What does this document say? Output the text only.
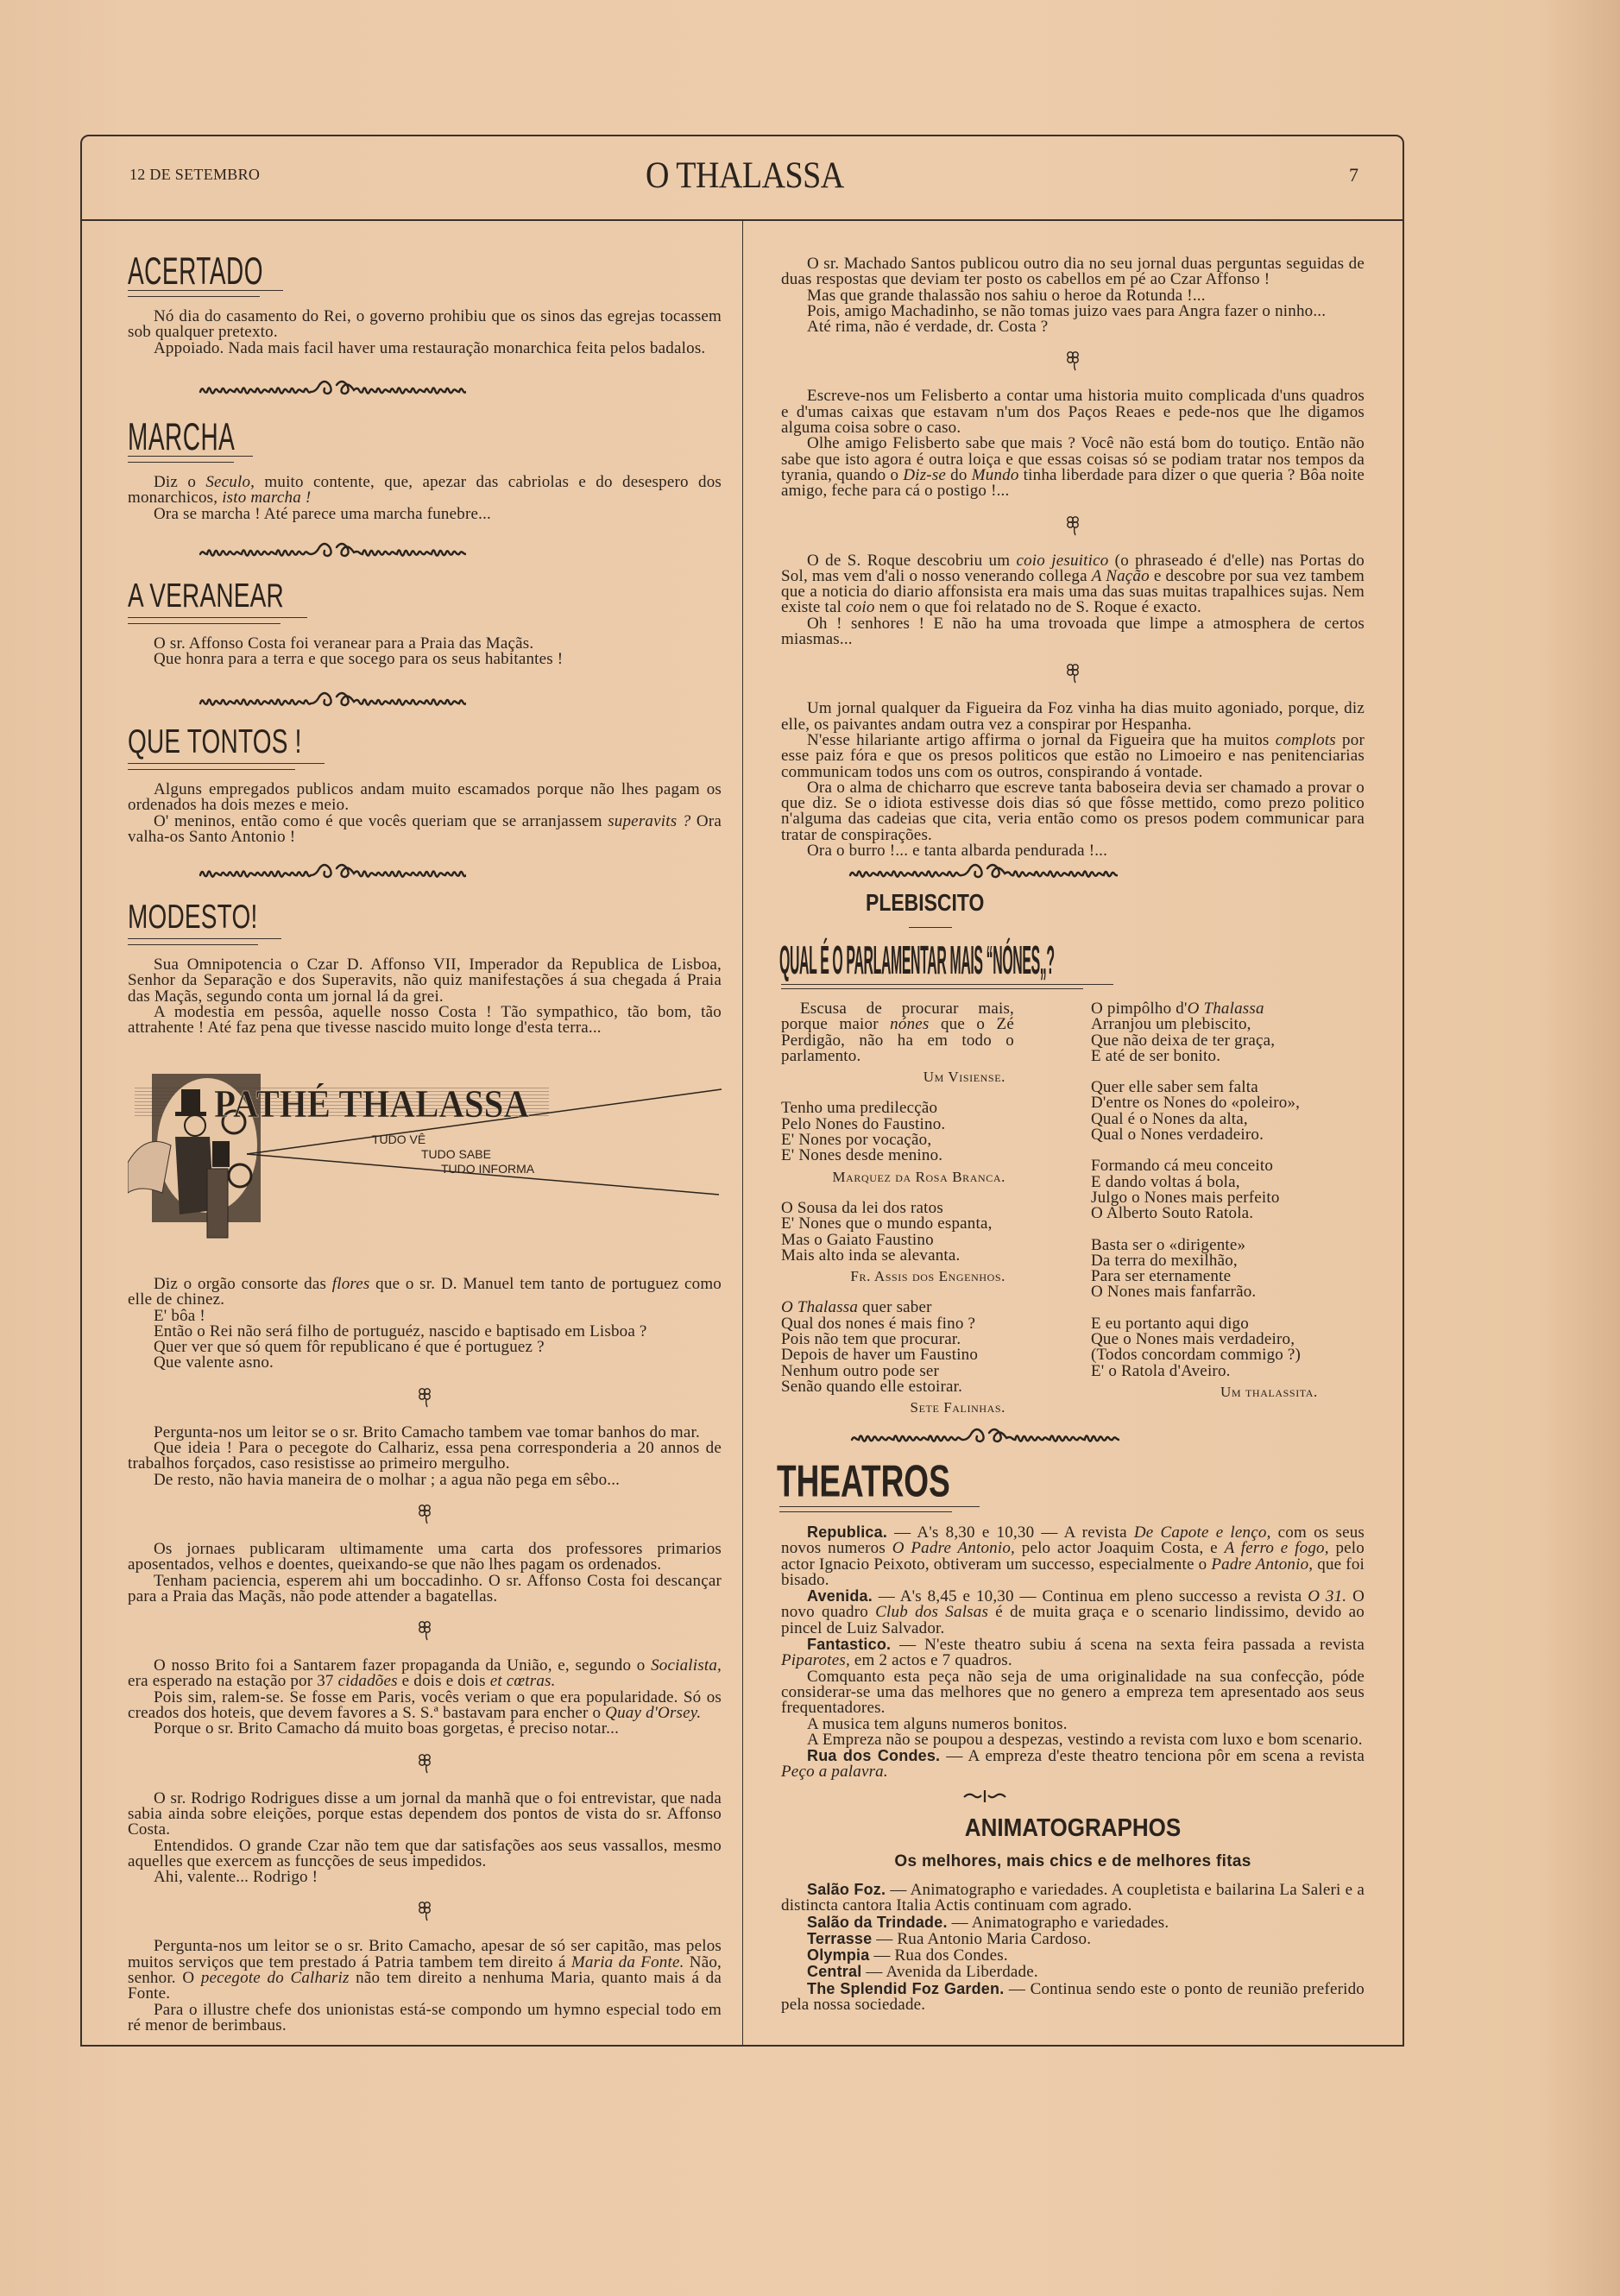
12 DE SETEMBRO	O THALASSA	7
ACERTADO

Nó dia do casamento do Rei, o governo prohibiu que os sinos das egrejas tocassem sob qualquer pretexto.

Appoiado. Nada mais facil haver uma restauração monarchica feita pelos badalos.

MARCHA

Diz o Seculo, muito contente, que, apezar das cabriolas e do desespero dos monarchicos, isto marcha !

Ora se marcha ! Até parece uma marcha funebre...

A VERANEAR

O sr. Affonso Costa foi veranear para a Praia das Maçãs.

Que honra para a terra e que socego para os seus habitantes !

QUE TONTOS !

Alguns empregados publicos andam muito escamados porque não lhes pagam os ordenados ha dois mezes e meio.

O' meninos, então como é que vocês queriam que se arranjassem superavits ? Ora valha-os Santo Antonio !

MODESTO!

Sua Omnipotencia o Czar D. Affonso VII, Imperador da Republica de Lisboa, Senhor da Separação e dos Superavits, não quiz manifestações á sua chegada á Praia das Maçãs, segundo conta um jornal lá da grei.

A modestia em pessôa, aquelle nosso Costa ! Tão sympathico, tão bom, tão attrahente ! Até faz pena que tivesse nascido muito longe d'esta terra...

PATHÉ THALASSA
TUDO VÊ
TUDO SABE
TUDO INFORMA

Diz o orgão consorte das flores que o sr. D. Manuel tem tanto de portuguez como elle de chinez.

E' bôa !

Então o Rei não será filho de portuguéz, nascido e baptisado em Lisboa ?

Quer ver que só quem fôr republicano é que é portuguez ?

Que valente asno.

Pergunta-nos um leitor se o sr. Brito Camacho tambem vae tomar banhos do mar.

Que ideia ! Para o pecegote do Calhariz, essa pena corresponderia a 20 annos de trabalhos forçados, caso resistisse ao primeiro mergulho.

De resto, não havia maneira de o molhar ; a agua não pega em sêbo...

Os jornaes publicaram ultimamente uma carta dos professores primarios aposentados, velhos e doentes, queixando-se que não lhes pagam os ordenados.

Tenham paciencia, esperem ahi um boccadinho. O sr. Affonso Costa foi descançar para a Praia das Maçãs, não pode attender a bagatellas.

O nosso Brito foi a Santarem fazer propaganda da União, e, segundo o Socialista, era esperado na estação por 37 cidadões e dois e dois et cœtras.

Pois sim, ralem-se. Se fosse em Paris, vocês veriam o que era popularidade. Só os creados dos hoteis, que devem favores a S. S.ª bastavam para encher o Quay d'Orsey.

Porque o sr. Brito Camacho dá muito boas gorgetas, é preciso notar...

O sr. Rodrigo Rodrigues disse a um jornal da manhã que o foi entrevistar, que nada sabia ainda sobre eleições, porque estas dependem dos pontos de vista do sr. Affonso Costa.

Entendidos. O grande Czar não tem que dar satisfações aos seus vassallos, mesmo aquelles que exercem as funcções de seus impedidos.

Ahi, valente... Rodrigo !

Pergunta-nos um leitor se o sr. Brito Camacho, apesar de só ser capitão, mas pelos muitos serviços que tem prestado á Patria tambem tem direito á Maria da Fonte. Não, senhor. O pecegote do Calhariz não tem direito a nenhuma Maria, quanto mais á da Fonte.

Para o illustre chefe dos unionistas está-se compondo um hymno especial todo em ré menor de berimbaus.

O sr. Machado Santos publicou outro dia no seu jornal duas perguntas seguidas de duas respostas que deviam ter posto os cabellos em pé ao Czar Affonso !

Mas que grande thalassão nos sahiu o heroe da Rotunda !...

Pois, amigo Machadinho, se não tomas juizo vaes para Angra fazer o ninho...

Até rima, não é verdade, dr. Costa ?

Escreve-nos um Felisberto a contar uma historia muito complicada d'uns quadros e d'umas caixas que estavam n'um dos Paços Reaes e pede-nos que lhe digamos alguma coisa sobre o caso.

Olhe amigo Felisberto sabe que mais ? Você não está bom do toutiço. Então não sabe que isto agora é outra loiça e que essas coisas só se podiam tratar nos tempos da tyrania, quando o Diz-se do Mundo tinha liberdade para dizer o que queria ? Bôa noite amigo, feche para cá o postigo !...

O de S. Roque descobriu um coio jesuitico (o phraseado é d'elle) nas Portas do Sol, mas vem d'ali o nosso venerando collega A Nação e descobre por sua vez tambem que a noticia do diario affonsista era mais uma das suas muitas trapalhices sujas. Nem existe tal coio nem o que foi relatado no de S. Roque é exacto.

Oh ! senhores ! E não ha uma trovoada que limpe a atmosphera de certos miasmas...

Um jornal qualquer da Figueira da Foz vinha ha dias muito agoniado, porque, diz elle, os paivantes andam outra vez a conspirar por Hespanha.

N'esse hilariante artigo affirma o jornal da Figueira que ha muitos complots por esse paiz fóra e que os presos politicos que estão no Limoeiro e nas penitenciarias communicam todos uns com os outros, conspirando á vontade.

Ora o alma de chicharro que escreve tanta baboseira devia ser chamado a provar o que diz. Se o idiota estivesse dois dias só que fôsse mettido, como prezo politico n'alguma das cadeias que cita, veria então como os presos podem communicar para tratar de conspirações.

Ora o burro !... e tanta albarda pendurada !...

PLEBISCITO
QUAL É O PARLAMENTAR MAIS “NÓNES„?

Escusa de procurar mais, porque maior nónes que o Zé Perdigão, não ha em todo o parlamento.

Um Visiense.
Tenho uma predilecção
Pelo Nones do Faustino.
E' Nones por vocação,
E' Nones desde menino.
Marquez da Rosa Branca.
O Sousa da lei dos ratos
E' Nones que o mundo espanta,
Mas o Gaiato Faustino
Mais alto inda se alevanta.
Fr. Assis dos Engenhos.
O Thalassa quer saber
Qual dos nones é mais fino ?
Pois não tem que procurar.
Depois de haver um Faustino
Nenhum outro pode ser
Senão quando elle estoirar.
Sete Falinhas.
O pimpôlho d'O Thalassa
Arranjou um plebiscito,
Que não deixa de ter graça,
E até de ser bonito.
Quer elle saber sem falta
D'entre os Nones do «poleiro»,
Qual é o Nones da alta,
Qual o Nones verdadeiro.
Formando cá meu conceito
E dando voltas á bola,
Julgo o Nones mais perfeito
O Alberto Souto Ratola.
Basta ser o «dirigente»
Da terra do mexilhão,
Para ser eternamente
O Nones mais fanfarrão.
E eu portanto aqui digo
Que o Nones mais verdadeiro,
(Todos concordam commigo ?)
E' o Ratola d'Aveiro.
Um thalassita.
THEATROS

Republica. — A's 8,30 e 10,30 — A revista De Capote e lenço, com os seus novos numeros O Padre Antonio, pelo actor Joaquim Costa, e A ferro e fogo, pelo actor Ignacio Peixoto, obtiveram um successo, especialmente o Padre Antonio, que foi bisado.

Avenida. — A's 8,45 e 10,30 — Continua em pleno successo a revista O 31. O novo quadro Club dos Salsas é de muita graça e o scenario lindissimo, devido ao pincel de Luiz Salvador.

Fantastico. — N'este theatro subiu á scena na sexta feira passada a revista Piparotes, em 2 actos e 7 quadros.

Comquanto esta peça não seja de uma originalidade na sua confecção, póde considerar-se uma das melhores que no genero a empreza tem apresentado aos seus frequentadores.

A musica tem alguns numeros bonitos.

A Empreza não se poupou a despezas, vestindo a revista com luxo e bom scenario.

Rua dos Condes. — A empreza d'este theatro tenciona pôr em scena a revista Peço a palavra.

ANIMATOGRAPHOS
Os melhores, mais chics e de melhores fitas

Salão Foz. — Animatographo e variedades. A coupletista e bailarina La Saleri e a distincta cantora Italia Actis continuam com agrado.

Salão da Trindade. — Animatographo e variedades.

Terrasse — Rua Antonio Maria Cardoso.

Olympia — Rua dos Condes.

Central — Avenida da Liberdade.

The Splendid Foz Garden. — Continua sendo este o ponto de reunião preferido pela nossa sociedade.
